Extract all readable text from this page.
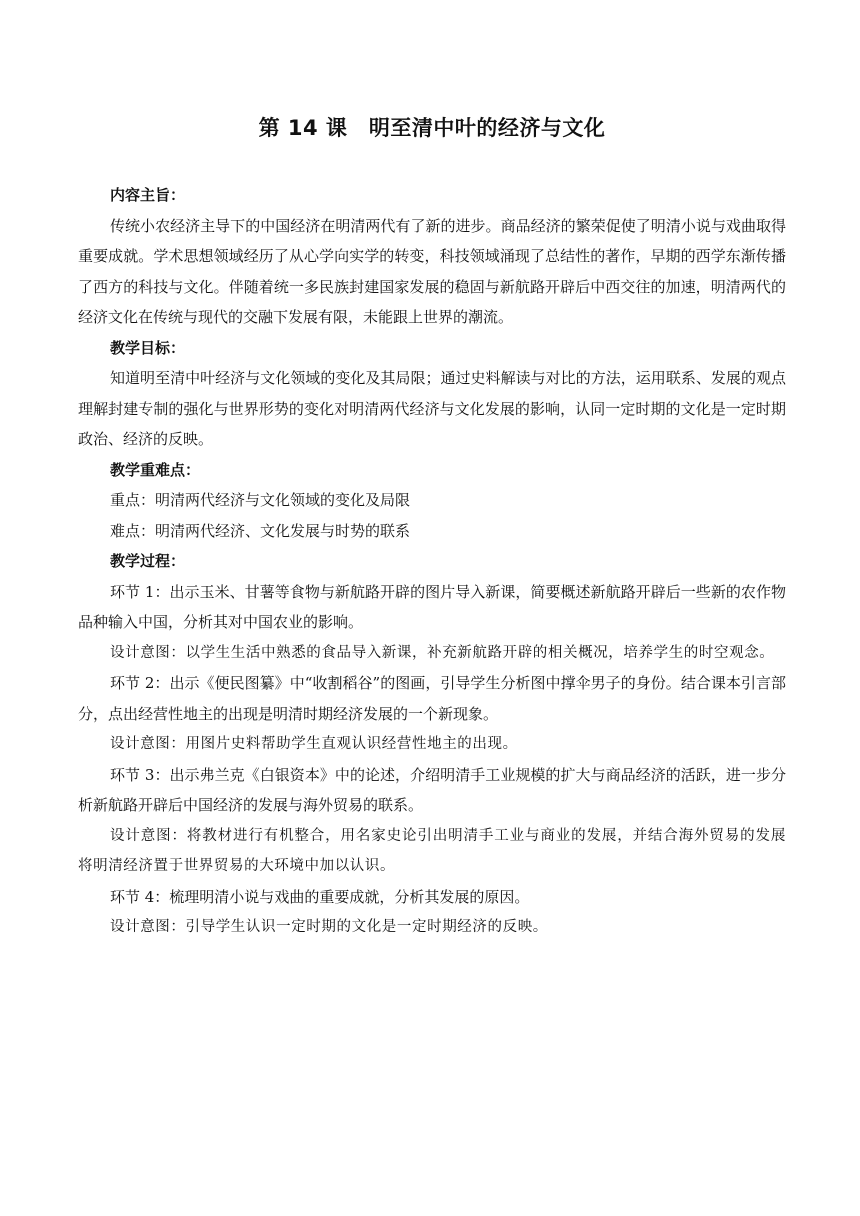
第 14 课　明至清中叶的经济与文化

内容主旨：

传统小农经济主导下的中国经济在明清两代有了新的进步。商品经济的繁荣促使了明清小说与戏曲取得重要成就。学术思想领域经历了从心学向实学的转变，科技领域涌现了总结性的著作，早期的西学东渐传播了西方的科技与文化。伴随着统一多民族封建国家发展的稳固与新航路开辟后中西交往的加速，明清两代的经济文化在传统与现代的交融下发展有限，未能跟上世界的潮流。

教学目标：

知道明至清中叶经济与文化领域的变化及其局限；通过史料解读与对比的方法，运用联系、发展的观点理解封建专制的强化与世界形势的变化对明清两代经济与文化发展的影响，认同一定时期的文化是一定时期政治、经济的反映。

教学重难点：

重点：明清两代经济与文化领域的变化及局限

难点：明清两代经济、文化发展与时势的联系

教学过程：

环节 1：出示玉米、甘薯等食物与新航路开辟的图片导入新课，简要概述新航路开辟后一些新的农作物品种输入中国，分析其对中国农业的影响。

设计意图：以学生生活中熟悉的食品导入新课，补充新航路开辟的相关概况，培养学生的时空观念。

环节 2：出示《便民图纂》中“收割稻谷”的图画，引导学生分析图中撑伞男子的身份。结合课本引言部分，点出经营性地主的出现是明清时期经济发展的一个新现象。

设计意图：用图片史料帮助学生直观认识经营性地主的出现。

环节 3：出示弗兰克《白银资本》中的论述，介绍明清手工业规模的扩大与商品经济的活跃，进一步分析新航路开辟后中国经济的发展与海外贸易的联系。

设计意图：将教材进行有机整合，用名家史论引出明清手工业与商业的发展，并结合海外贸易的发展将明清经济置于世界贸易的大环境中加以认识。

环节 4：梳理明清小说与戏曲的重要成就，分析其发展的原因。

设计意图：引导学生认识一定时期的文化是一定时期经济的反映。
